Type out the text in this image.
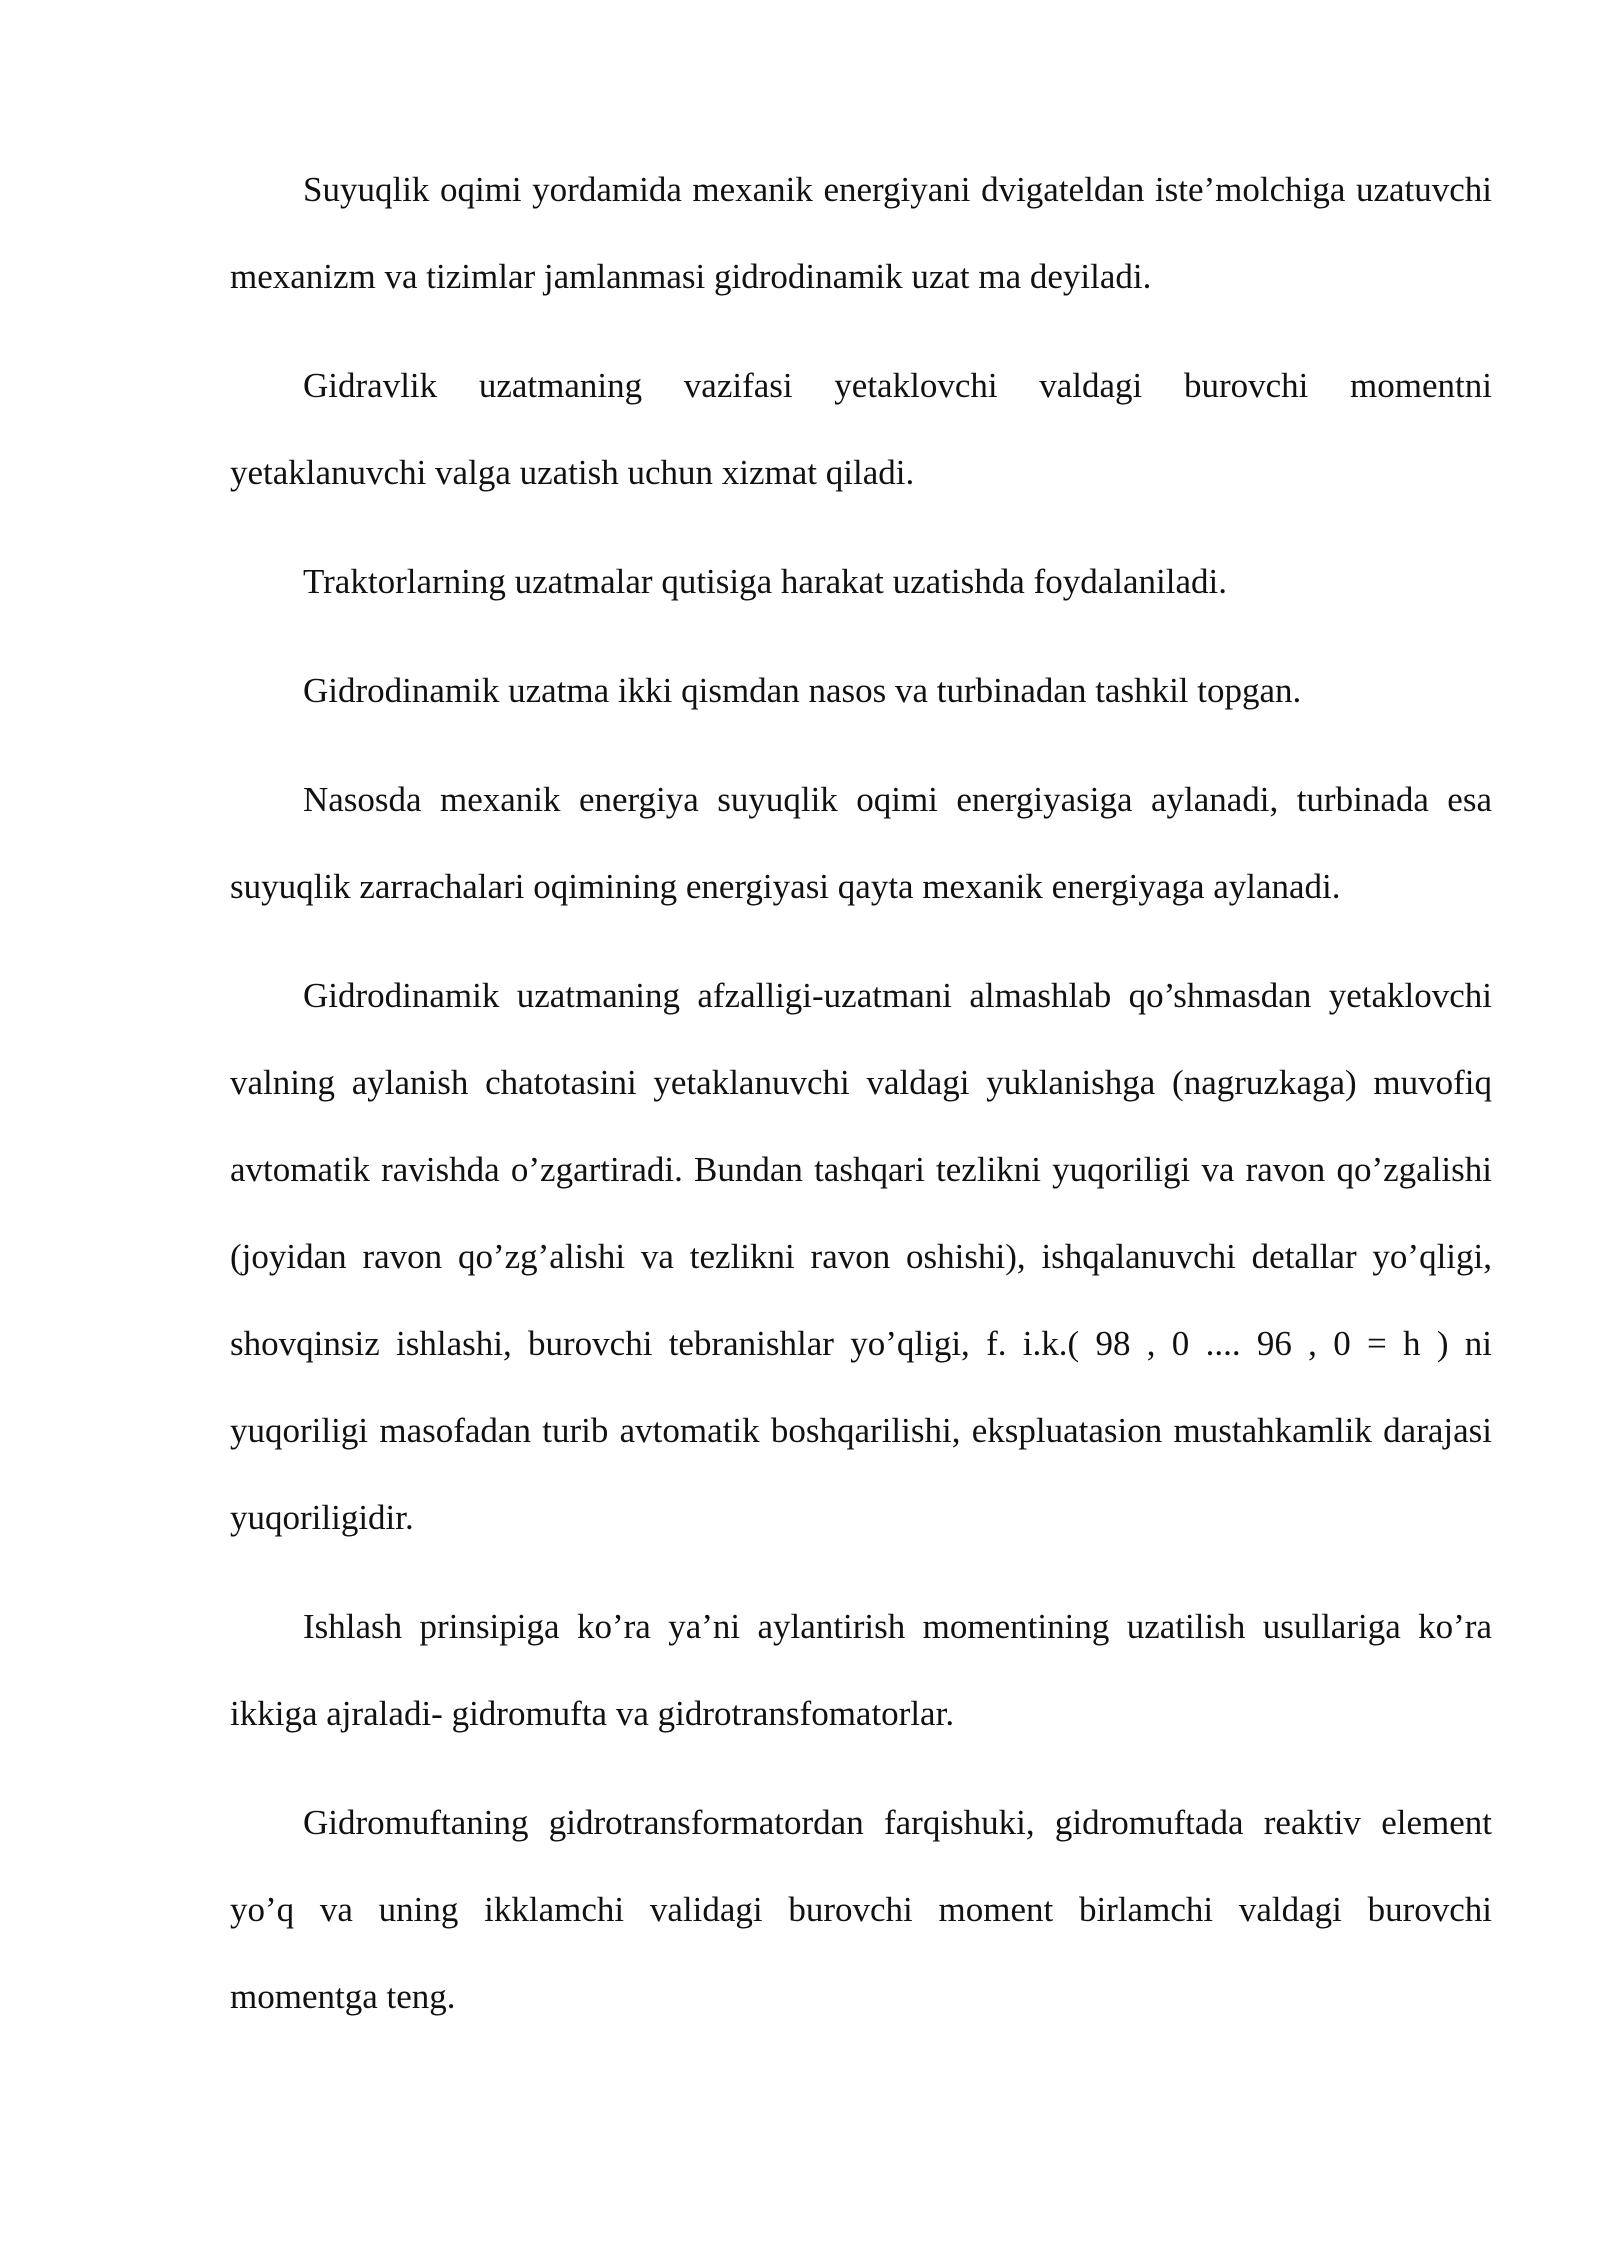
Suyuqlik oqimi yordamida mexanik energiyani dvigateldan iste’molchiga uzatuvchi mexanizm va tizimlar jamlanmasi gidrodinamik uzat ma deyiladi.

Gidravlik uzatmaning vazifasi yetaklovchi valdagi burovchi momentni yetaklanuvchi valga uzatish uchun xizmat qiladi.

Traktorlarning uzatmalar qutisiga harakat uzatishda foydalaniladi.

Gidrodinamik uzatma ikki qismdan nasos va turbinadan tashkil topgan.

Nasosda mexanik energiya suyuqlik oqimi energiyasiga aylanadi, turbinada esa suyuqlik zarrachalari oqimining energiyasi qayta mexanik energiyaga aylanadi.

Gidrodinamik uzatmaning afzalligi-uzatmani almashlab qo’shmasdan yetaklovchi valning aylanish chatotasini yetaklanuvchi valdagi yuklanishga (nagruzkaga) muvofiq avtomatik ravishda o’zgartiradi. Bundan tashqari tezlikni yuqoriligi va ravon qo’zgalishi (joyidan ravon qo’zg’alishi va tezlikni ravon oshishi), ishqalanuvchi detallar yo’qligi, shovqinsiz ishlashi, burovchi tebranishlar yo’qligi, f. i.k.( 98 , 0 .... 96 , 0 = h ) ni yuqoriligi masofadan turib avtomatik boshqarilishi, ekspluatasion mustahkamlik darajasi yuqoriligidir.

Ishlash prinsipiga ko’ra ya’ni aylantirish momentining uzatilish usullariga ko’ra ikkiga ajraladi- gidromufta va gidrotransfomatorlar.

Gidromuftaning gidrotransformatordan farqishuki, gidromuftada reaktiv element yo’q va uning ikklamchi validagi burovchi moment birlamchi valdagi burovchi momentga teng.
